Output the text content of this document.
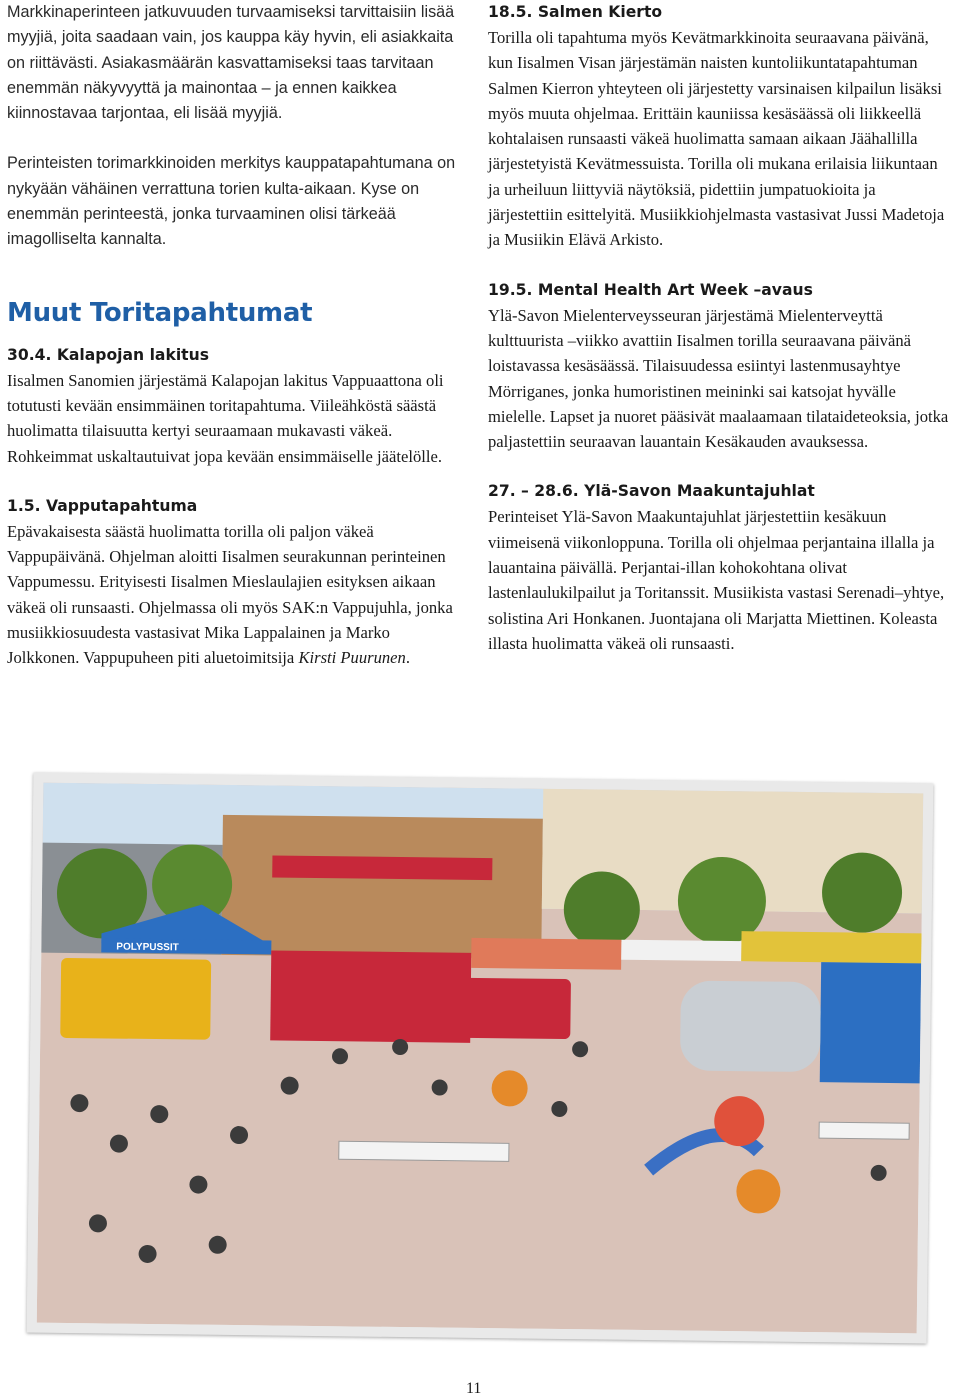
Markkinaperinteen jatkuvuuden turvaamiseksi tarvittaisiin lisää myyjiä, joita saadaan vain, jos kauppa käy hyvin, eli asiakkaita on riittävästi. Asiakasmäärän kasvattamiseksi taas tarvitaan enemmän näkyvyyttä ja mainontaa – ja ennen kaikkea kiinnostavaa tarjontaa, eli lisää myyjiä.

Perinteisten torimarkkinoiden merkitys kauppatapahtumana on nykyään vähäinen verrattuna torien kulta-aikaan. Kyse on enemmän perinteestä, jonka turvaaminen olisi tärkeää imagolliselta kannalta.

Muut Toritapahtumat
30.4. Kalapojan lakitus

Iisalmen Sanomien järjestämä Kalapojan lakitus Vappuaattona oli totutusti kevään ensimmäinen toritapahtuma. Viileähköstä säästä huolimatta tilaisuutta kertyi seuraamaan mukavasti väkeä. Rohkeimmat uskaltautuivat jopa kevään ensimmäiselle jäätelölle.

1.5. Vapputapahtuma

Epävakaisesta säästä huolimatta torilla oli paljon väkeä Vappupäivänä. Ohjelman aloitti Iisalmen seurakunnan perinteinen Vappumessu. Erityisesti Iisalmen Mieslaulajien esityksen aikaan väkeä oli runsaasti. Ohjelmassa oli myös SAK:n Vappujuhla, jonka musiikkiosuudesta vastasivat Mika Lappalainen ja Marko Jolkkonen. Vappupuheen piti aluetoimitsija Kirsti Puurunen.

18.5. Salmen Kierto

Torilla oli tapahtuma myös Kevätmarkkinoita seuraavana päivänä, kun Iisalmen Visan järjestämän naisten kuntoliikuntatapahtuman Salmen Kierron yhteyteen oli järjestetty varsinaisen kilpailun lisäksi myös muuta ohjelmaa. Erittäin kauniissa kesäsäässä oli liikkeellä kohtalaisen runsaasti väkeä huolimatta samaan aikaan Jäähallilla järjestetyistä Kevätmessuista. Torilla oli mukana erilaisia liikuntaan ja urheiluun liittyviä näytöksiä, pidettiin jumpatuokioita ja järjestettiin esittelyitä. Musiikkiohjelmasta vastasivat Jussi Madetoja ja Musiikin Elävä Arkisto.

19.5. Mental Health Art Week –avaus

Ylä-Savon Mielenterveysseuran järjestämä Mielenterveyttä kulttuurista –viikko avattiin Iisalmen torilla seuraavana päivänä loistavassa kesäsäässä. Tilaisuudessa esiintyi lastenmusayhtye Mörriganes, jonka humoristinen meininki sai katsojat hyvälle mielelle. Lapset ja nuoret pääsivät maalaamaan tilataideteoksia, jotka paljastettiin seuraavan lauantain Kesäkauden avauksessa.

27. – 28.6. Ylä-Savon Maakuntajuhlat

Perinteiset Ylä-Savon Maakuntajuhlat järjestettiin kesäkuun viimeisenä viikonloppuna. Torilla oli ohjelmaa perjantaina illalla ja lauantaina päivällä. Perjantai-illan kohokohtana olivat lastenlaulukilpailut ja Toritanssit. Musiikista vastasi Serenadi–yhtye, solistina Ari Honkanen. Juontajana oli Marjatta Miettinen. Koleasta illasta huolimatta väkeä oli runsaasti.

POLYPUSSIT
11
